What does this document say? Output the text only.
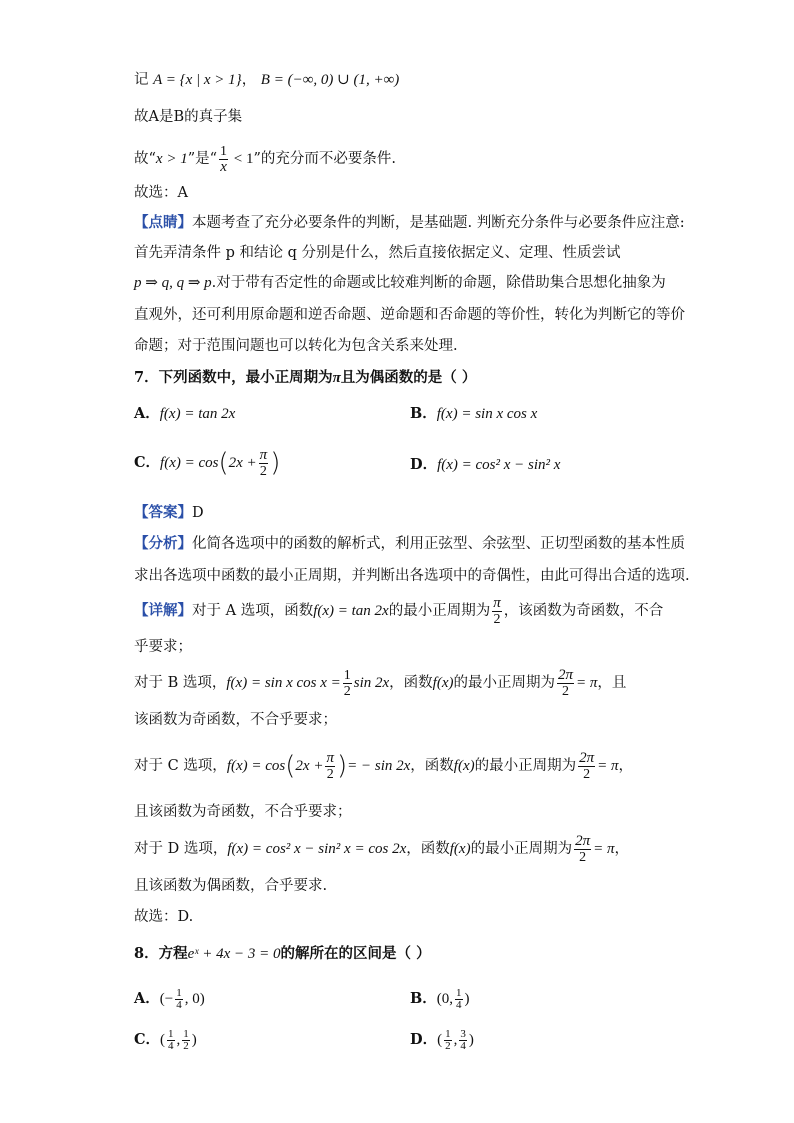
记 A = {x | x > 1}， B = (−∞, 0) ∪ (1, +∞)
故A是B的真子集
故“x > 1”是“ $\frac{1}{x} < 1$”的充分而不必要条件.
故选：A
【点睛】本题考查了充分必要条件的判断，是基础题. 判断充分条件与必要条件应注意:
首先弄清条件 p 和结论 q 分别是什么，然后直接依据定义、定理、性质尝试
p ⇒ q, q ⇒ p.对于带有否定性的命题或比较难判断的命题，除借助集合思想化抽象为
直观外，还可利用原命题和逆否命题、逆命题和否命题的等价性，转化为判断它的等价
命题；对于范围问题也可以转化为包含关系来处理.
7．下列函数中，最小正周期为π且为偶函数的是（ ）
A．f(x) = tan 2x	B．f(x) = sin x cos x
C．$f(x) = \cos(2x + \frac{\pi}{2}$ )	D．f(x) = cos² x − sin² x
【答案】D
【分析】化简各选项中的函数的解析式，利用正弦型、余弦型、正切型函数的基本性质
求出各选项中函数的最小正周期，并判断出各选项中的奇偶性，由此可得出合适的选项.
【详解】对于 A 选项，函数f(x) = tan 2x的最小正周期为 $\frac{\pi}{2}$ ，该函数为奇函数，不合
乎要求；
对于 B 选项，f(x) = sin x $\cos x = \frac{1}{2}$ sin 2x，函数f(x)的最小正周期为 $\frac{2\pi}{2} = \pi$，且
该函数为奇函数，不合乎要求；
对于 C 选项，$f(x) = \cos(2x + \frac{\pi}{2}$ )= − sin 2x，函数f(x)的最小正周期为 $\frac{2\pi}{2} = \pi$，
且该函数为奇函数，不合乎要求；
对于 D 选项，f(x) = cos² x − sin² x = cos 2x，函数f(x)的最小正周期为 $\frac{2\pi}{2} = \pi$，
且该函数为偶函数，合乎要求.
故选：D.
8．方程eˣ + 4x − 3 = 0的解所在的区间是（ ）
A．(− $\frac{1}{4}$ , 0)	B．(0, $\frac{1}{4}$ )
C．( $\frac{1}{4}$ , $\frac{1}{2}$ )	D．( $\frac{1}{2}$ , $\frac{3}{4}$ )
